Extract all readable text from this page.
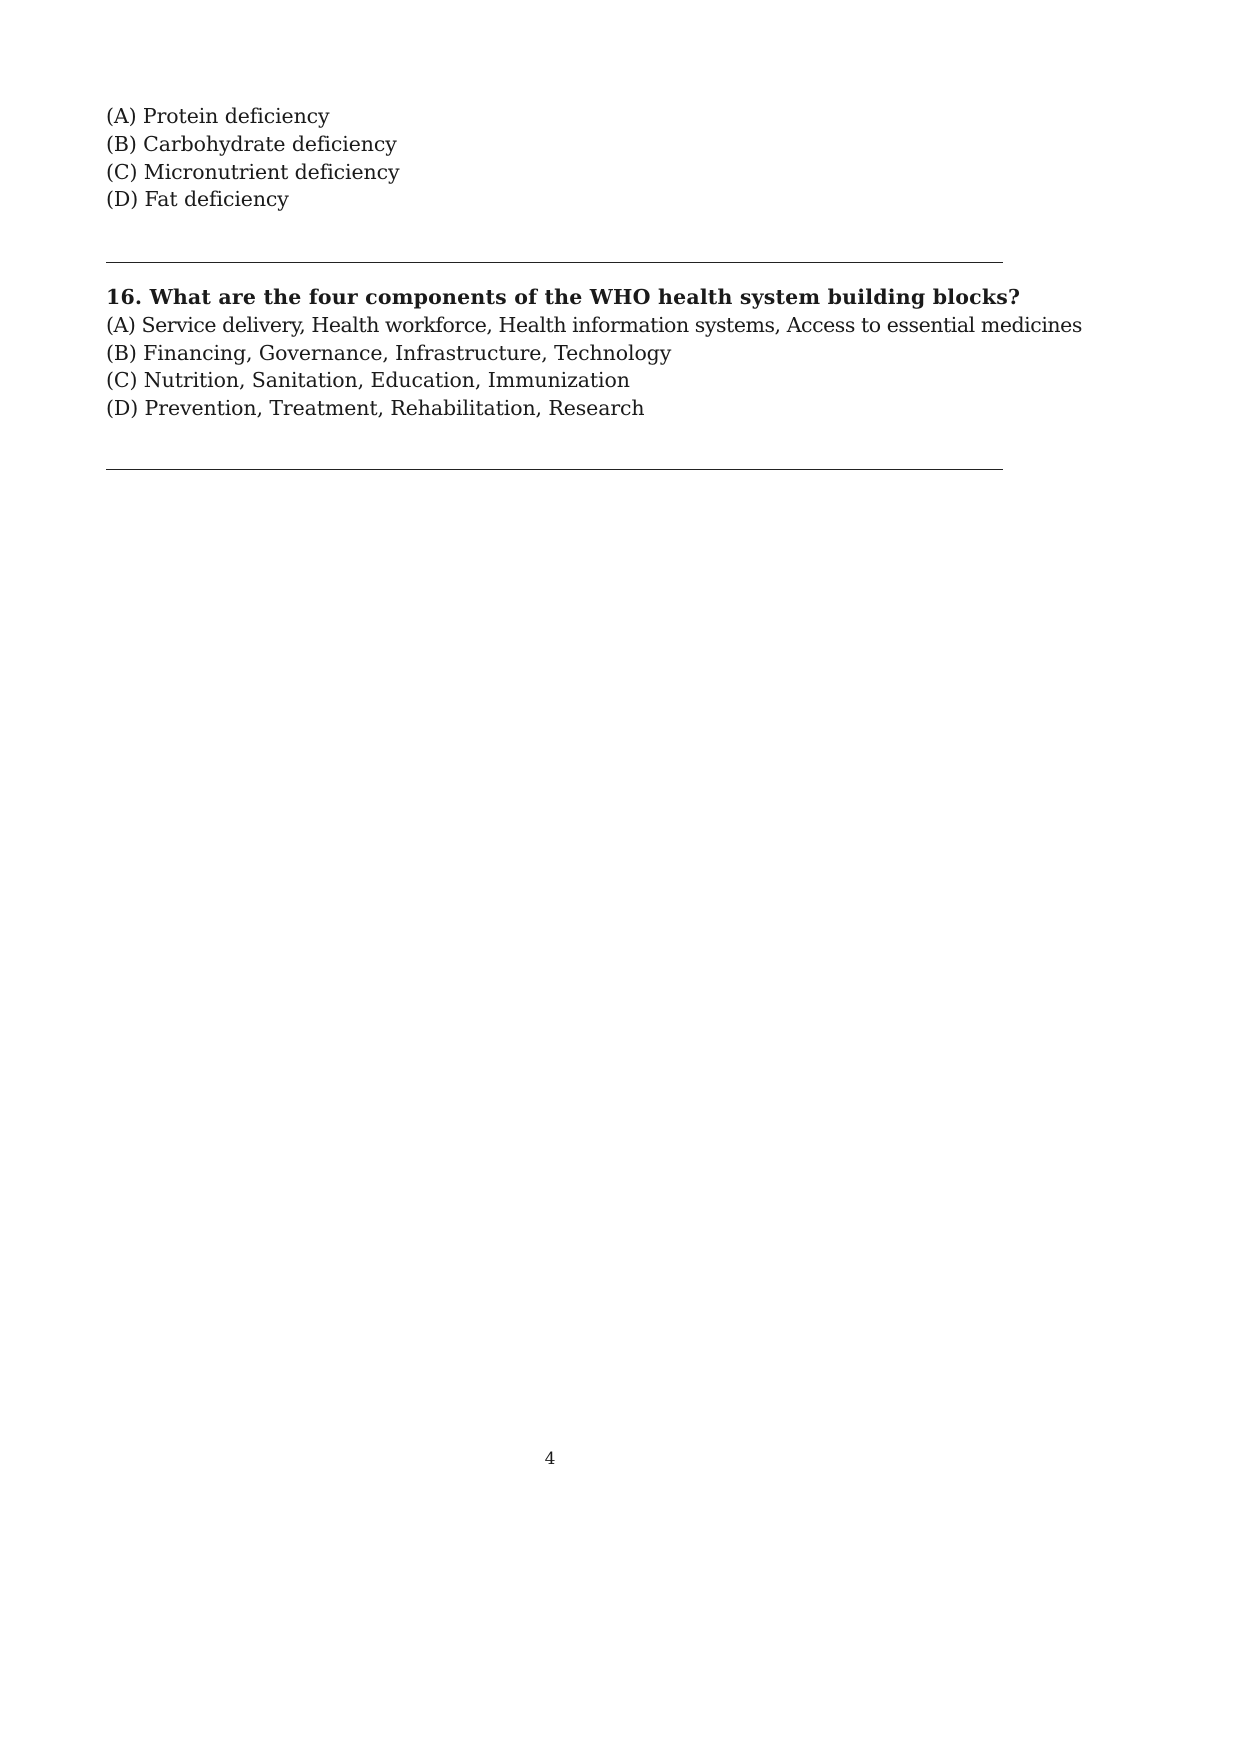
(A) Protein deficiency
(B) Carbohydrate deficiency
(C) Micronutrient deficiency
(D) Fat deficiency
16. What are the four components of the WHO health system building blocks?
(A) Service delivery, Health workforce, Health information systems, Access to essential medicines
(B) Financing, Governance, Infrastructure, Technology
(C) Nutrition, Sanitation, Education, Immunization
(D) Prevention, Treatment, Rehabilitation, Research
4
